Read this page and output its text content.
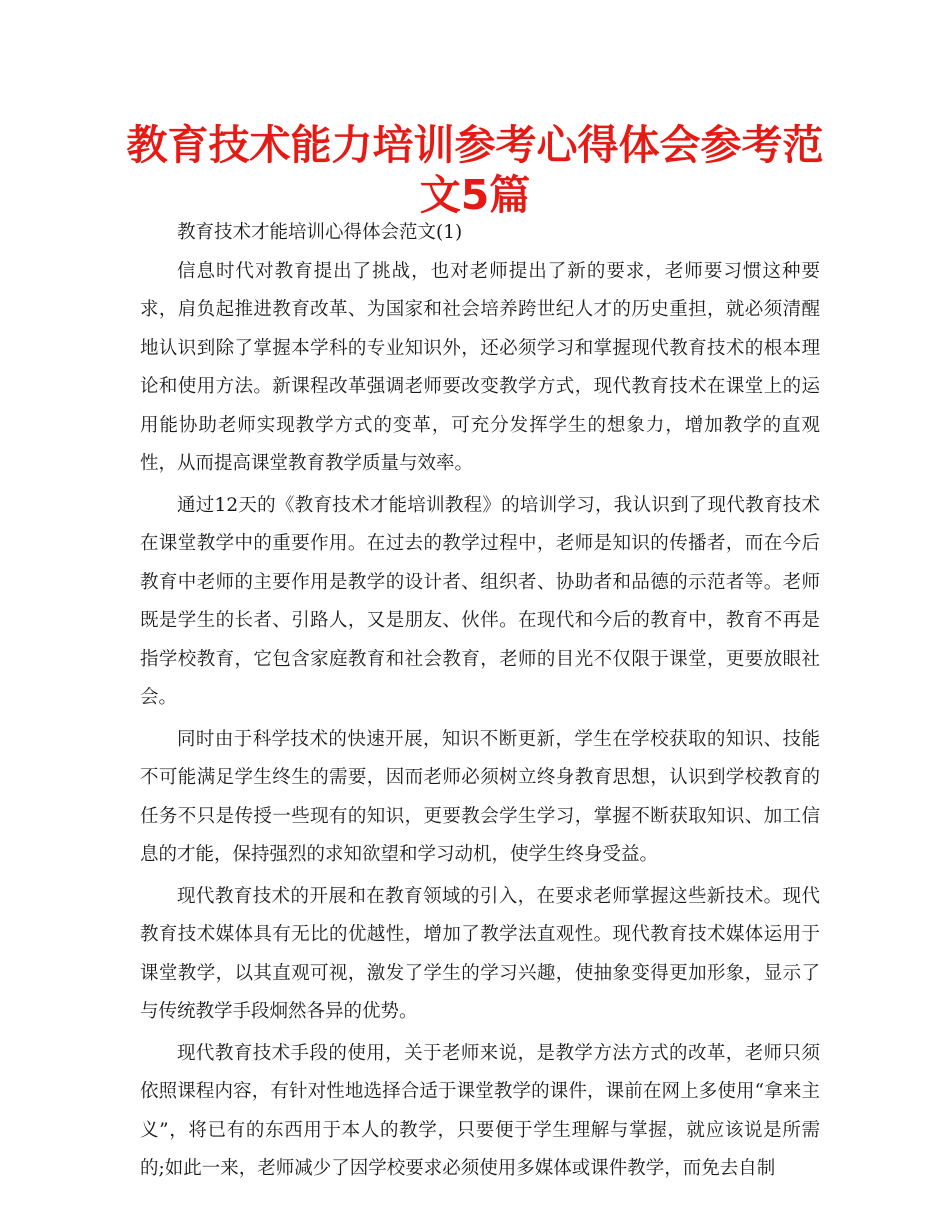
教育技术能力培训参考心得体会参考范文5篇

教育技术才能培训心得体会范文(1)

信息时代对教育提出了挑战，也对老师提出了新的要求，老师要习惯这种要求，肩负起推进教育改革、为国家和社会培养跨世纪人才的历史重担，就必须清醒地认识到除了掌握本学科的专业知识外，还必须学习和掌握现代教育技术的根本理论和使用方法。新课程改革强调老师要改变教学方式，现代教育技术在课堂上的运用能协助老师实现教学方式的变革，可充分发挥学生的想象力，增加教学的直观性，从而提高课堂教育教学质量与效率。

通过12天的《教育技术才能培训教程》的培训学习，我认识到了现代教育技术在课堂教学中的重要作用。在过去的教学过程中，老师是知识的传播者，而在今后教育中老师的主要作用是教学的设计者、组织者、协助者和品德的示范者等。老师既是学生的长者、引路人，又是朋友、伙伴。在现代和今后的教育中，教育不再是指学校教育，它包含家庭教育和社会教育，老师的目光不仅限于课堂，更要放眼社会。

同时由于科学技术的快速开展，知识不断更新，学生在学校获取的知识、技能不可能满足学生终生的需要，因而老师必须树立终身教育思想，认识到学校教育的任务不只是传授一些现有的知识，更要教会学生学习，掌握不断获取知识、加工信息的才能，保持强烈的求知欲望和学习动机，使学生终身受益。

现代教育技术的开展和在教育领域的引入，在要求老师掌握这些新技术。现代教育技术媒体具有无比的优越性，增加了教学法直观性。现代教育技术媒体运用于课堂教学，以其直观可视，激发了学生的学习兴趣，使抽象变得更加形象，显示了与传统教学手段炯然各异的优势。

现代教育技术手段的使用，关于老师来说，是教学方法方式的改革，老师只须依照课程内容，有针对性地选择合适于课堂教学的课件，课前在网上多使用“拿来主义”，将已有的东西用于本人的教学，只要便于学生理解与掌握，就应该说是所需的;如此一来，老师减少了因学校要求必须使用多媒体或课件教学，而免去自制
